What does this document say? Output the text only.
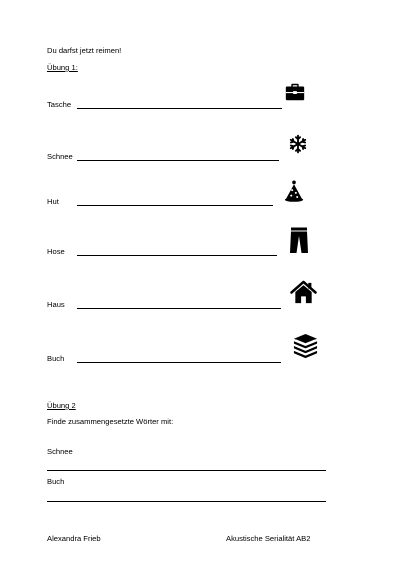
Du darfst jetzt reimen!
Übung 1:
Tasche
Schnee
Hut
Hose
Haus
Buch
Übung 2
Finde zusammengesetzte Wörter mit:
Schnee
Buch
Alexandra Frieb	Akustische Serialität AB2
